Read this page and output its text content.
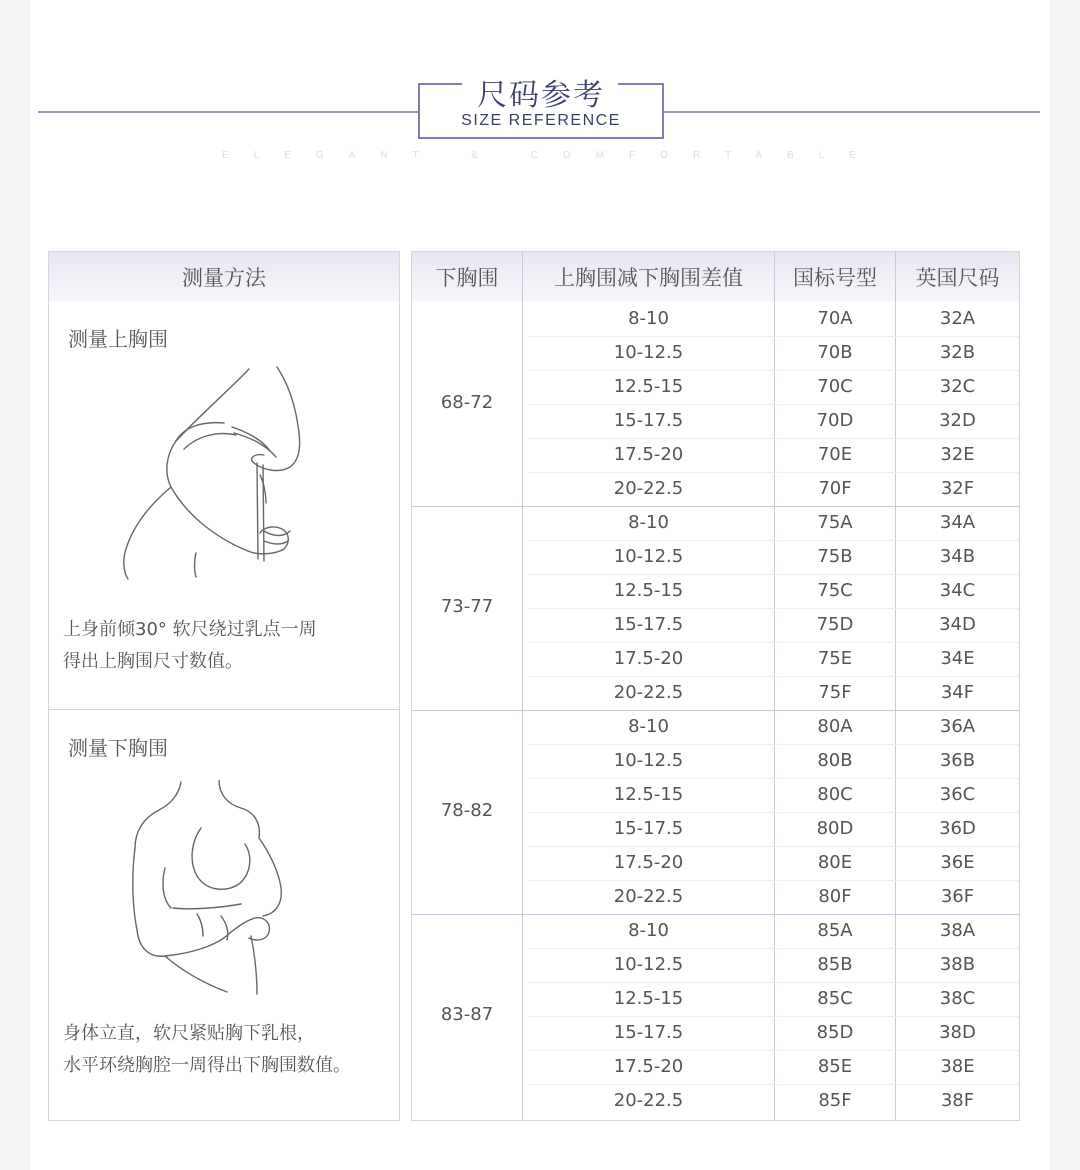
尺码参考
SIZE REFERENCE
ELEGANT & COMFORTABLE
测量方法
测量上胸围
上身前倾30° 软尺绕过乳点一周
得出上胸围尺寸数值。
测量下胸围
身体立直，软尺紧贴胸下乳根，
水平环绕胸腔一周得出下胸围数值。
下胸围	上胸围减下胸围差值	国标号型	英国尺码
68-72
8-10	70A	32A
10-12.5	70B	32B
12.5-15	70C	32C
15-17.5	70D	32D
17.5-20	70E	32E
20-22.5	70F	32F
73-77
8-10	75A	34A
10-12.5	75B	34B
12.5-15	75C	34C
15-17.5	75D	34D
17.5-20	75E	34E
20-22.5	75F	34F
78-82
8-10	80A	36A
10-12.5	80B	36B
12.5-15	80C	36C
15-17.5	80D	36D
17.5-20	80E	36E
20-22.5	80F	36F
83-87
8-10	85A	38A
10-12.5	85B	38B
12.5-15	85C	38C
15-17.5	85D	38D
17.5-20	85E	38E
20-22.5	85F	38F
